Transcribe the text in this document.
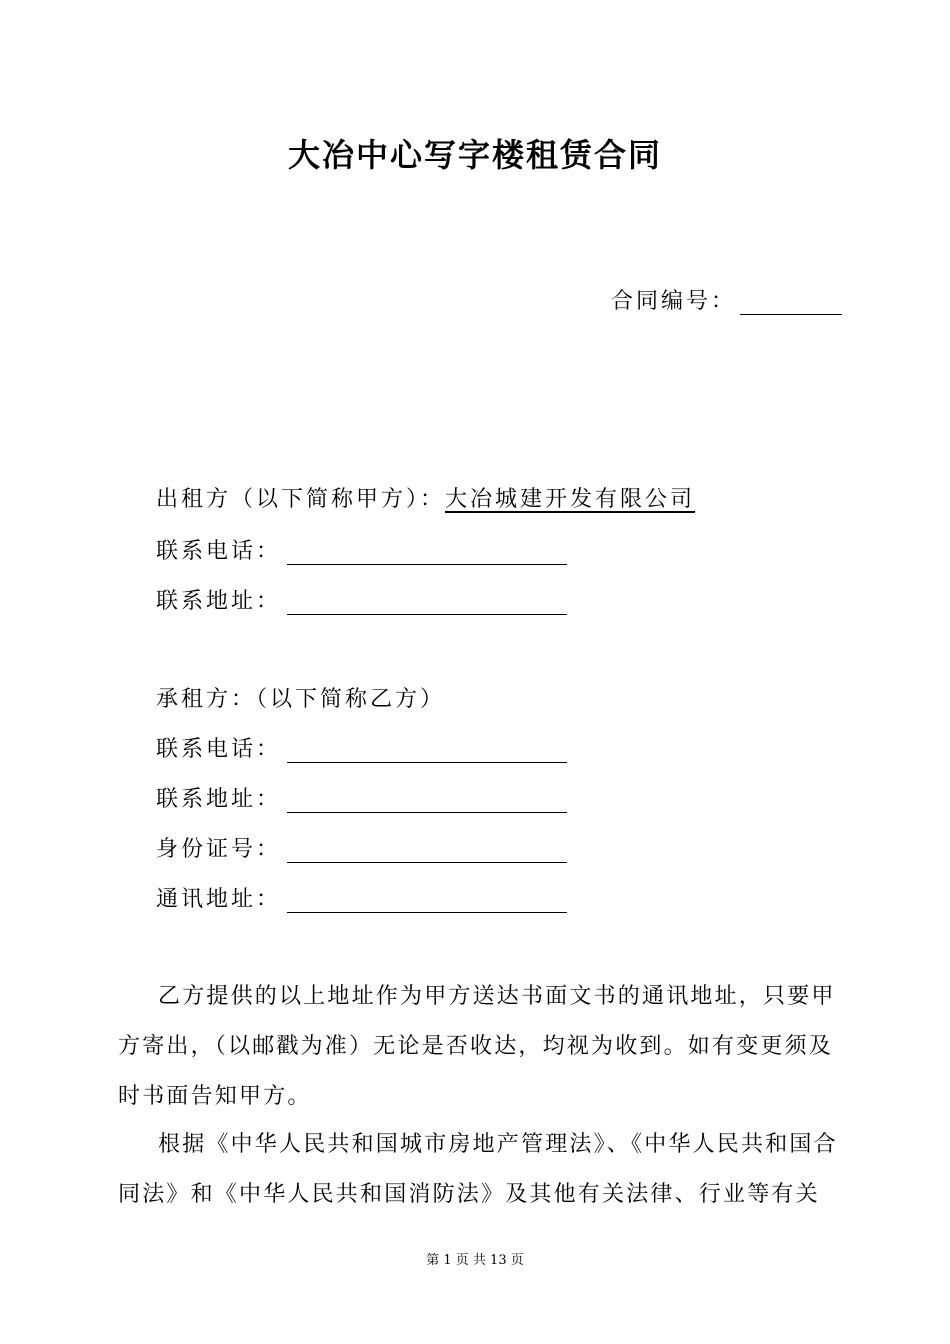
大冶中心写字楼租赁合同
合同编号：
出租方（以下简称甲方）： 大冶城建开发有限公司
联系电话：
联系地址：
承租方：（以下简称乙方）
联系电话：
联系地址：
身份证号：
通讯地址：
乙方提供的以上地址作为甲方送达书面文书的通讯地址，只要甲方寄出，（以邮戳为准）无论是否收达，均视为收到。如有变更须及时书面告知甲方。
根据《中华人民共和国城市房地产管理法》、《中华人民共和国合同法》和《中华人民共和国消防法》及其他有关法律、行业等有关
第 1 页 共 13 页
